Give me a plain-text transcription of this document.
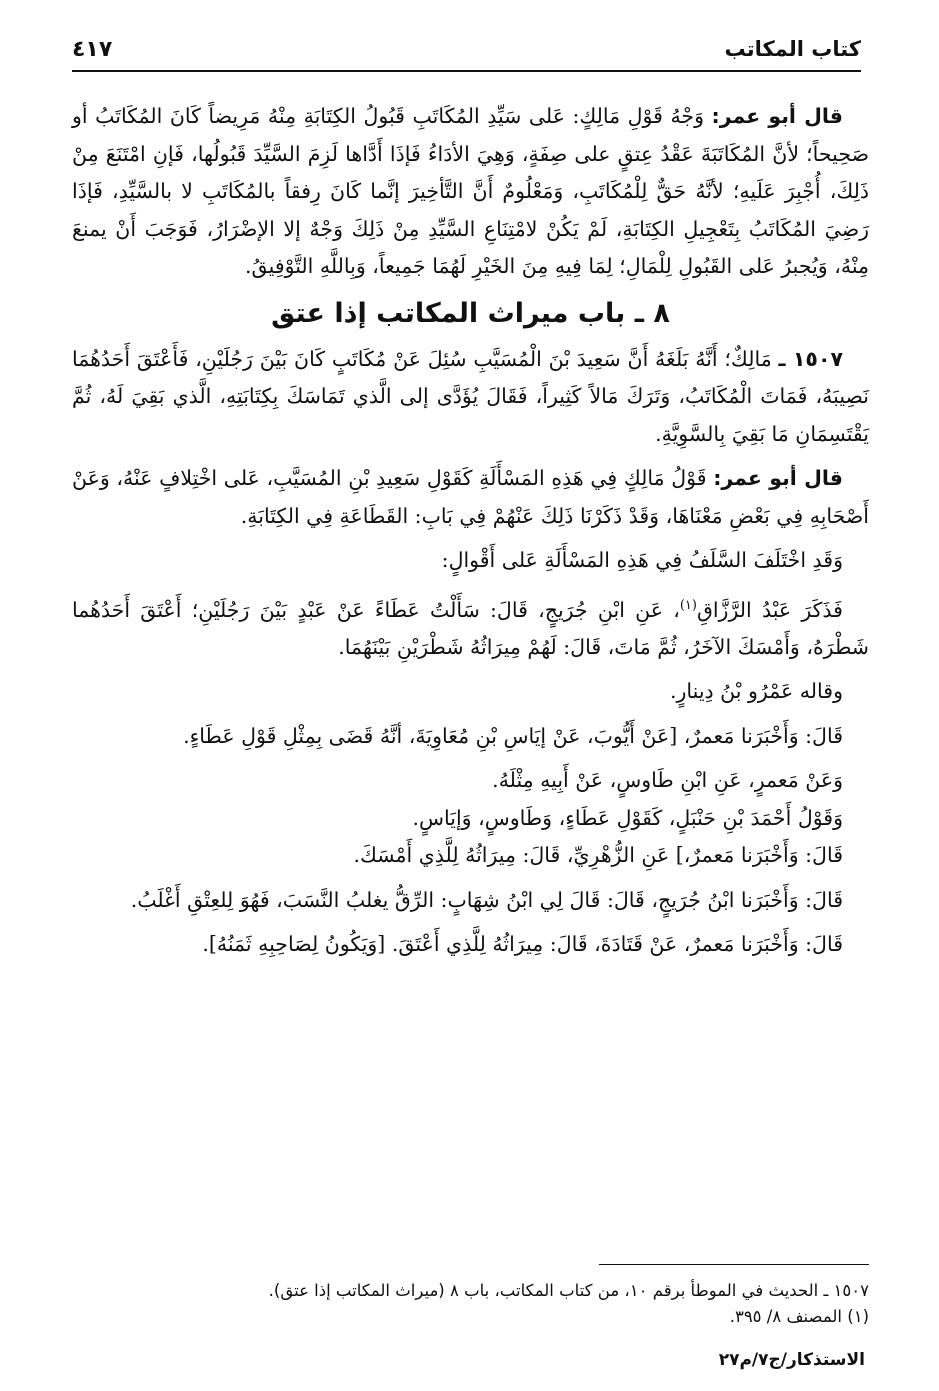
كتاب المكاتب
٤١٧

قال أبو عمر: وَجْهُ قَوْلِ مَالِكٍ: عَلى سَيِّدِ المُكَاتَبِ قَبُولُ الكِتَابَةِ مِنْهُ مَرِيضاً كَانَ المُكَاتَبُ أو صَحِيحاً؛ لأنَّ المُكَاتَبَةَ عَقْدُ عِتقٍ على صِفَةٍ، وَهِيَ الأدَاءُ فَإذَا أَدَّاها لَزِمَ السَّيِّدَ قَبُولُها، فَإنِ امْتَنَعَ مِنْ ذَلِكَ، أُجْبِرَ عَلَيهِ؛ لأنَّهُ حَقٌّ لِلْمُكَاتَبِ، وَمَعْلُومٌ أَنَّ التَّأخِيرَ إنَّما كَانَ رِفقاً بالمُكَاتَبِ لا بالسَّيِّدِ، فَإذَا رَضِيَ المُكَاتَبُ بِتَعْجِيلِ الكِتَابَةِ، لَمْ يَكُنْ لامْتِنَاعِ السَّيِّدِ مِنْ ذَلِكَ وَجْهٌ إلا الإضْرَارُ، فَوَجَبَ أَنْ يمنعَ مِنْهُ، وَيُجبرُ عَلى القَبُولِ لِلْمَالِ؛ لِمَا فِيهِ مِنَ الخَيْرِ لَهُمَا جَمِيعاً، وَبِاللَّهِ التَّوْفِيقُ.

٨ ـ باب ميراث المكاتب إذا عتق

١٥٠٧ ـ مَالِكٌ؛ أَنَّهُ بَلَغَهُ أَنَّ سَعِيدَ بْنَ الْمُسَيَّبِ سُئِلَ عَنْ مُكَاتَبٍ كَانَ بَيْنَ رَجُلَيْنِ، فَأَعْتَقَ أَحَدُهُمَا نَصِيبَهُ، فَمَاتَ الْمُكَاتَبُ، وَتَرَكَ مَالاً كَثِيراً، فَقَالَ يُؤَدَّى إلى الَّذي تَمَاسَكَ بِكِتَابَتِهِ، الَّذي بَقِيَ لَهُ، ثُمَّ يَقْتَسِمَانِ مَا بَقِيَ بِالسَّوِيَّةِ.

قال أبو عمر: قَوْلُ مَالِكٍ فِي هَذِهِ المَسْأَلَةِ كَقَوْلِ سَعِيدِ بْنِ المُسَيَّبِ، عَلى اخْتِلافٍ عَنْهُ، وَعَنْ أَصْحَابِهِ فِي بَعْضِ مَعْنَاهَا، وَقَدْ ذَكَرْنَا ذَلِكَ عَنْهُمْ فِي بَابِ: القَطَاعَةِ فِي الكِتَابَةِ.

وَقَدِ اخْتَلَفَ السَّلَفُ فِي هَذِهِ المَسْأَلَةِ عَلى أَقْوالٍ:

فَذَكَرَ عَبْدُ الرَّزَّاقِ$^{(١)}$، عَنِ ابْنِ جُرَيجٍ، قَالَ: سَأَلْتُ عَطَاءً عَنْ عَبْدٍ بَيْنَ رَجُلَيْنِ؛ أَعْتَقَ أَحَدُهُما شَطْرَهُ، وَأَمْسَكَ الآخَرُ، ثُمَّ مَاتَ، قَالَ: لَهُمْ مِيرَاثُهُ شَطْرَيْنِ بَيْنَهُمَا.

وقاله عَمْرُو بْنُ دِينارٍ.

قَالَ: وَأَخْبَرَنا مَعمرٌ، [عَنْ أَيُّوبَ، عَنْ إيَاسِ بْنِ مُعَاوِيَةَ، أنَّهُ قَضَى بِمِثْلِ قَوْلِ عَطَاءٍ.

وَعَنْ مَعمرٍ، عَنِ ابْنِ طَاوسٍ، عَنْ أَبِيهِ مِثْلَهُ.

وَقَوْلُ أَحْمَدَ بْنِ حَنْبَلٍ، كَقَوْلِ عَطَاءٍ، وَطَاوسٍ، وَإيَاسٍ.

قَالَ: وَأَخْبَرَنا مَعمرٌ،] عَنِ الزُّهْرِيِّ، قَالَ: مِيرَاثُهُ لِلَّذِي أَمْسَكَ.

قَالَ: وَأَخْبَرَنا ابْنُ جُرَيجٍ، قَالَ: قَالَ لِي ابْنُ شِهَابٍ: الرِّقُّ يغلبُ النَّسَبَ، فَهُوَ لِلعِتْقِ أَغْلَبُ.

قَالَ: وَأَخْبَرَنا مَعمرٌ، عَنْ قَتَادَةَ، قَالَ: مِيرَاثُهُ لِلَّذِي أَعْتَقَ. [وَيَكُونُ لِصَاحِبِهِ ثَمَنُهُ].

١٥٠٧ ـ الحديث في الموطأ برقم ١٠، من كتاب المكاتب، باب ٨ (ميراث المكاتب إذا عتق).

(١) المصنف ٨/ ٣٩٥.

الاستذكار/ج٧/م٢٧
